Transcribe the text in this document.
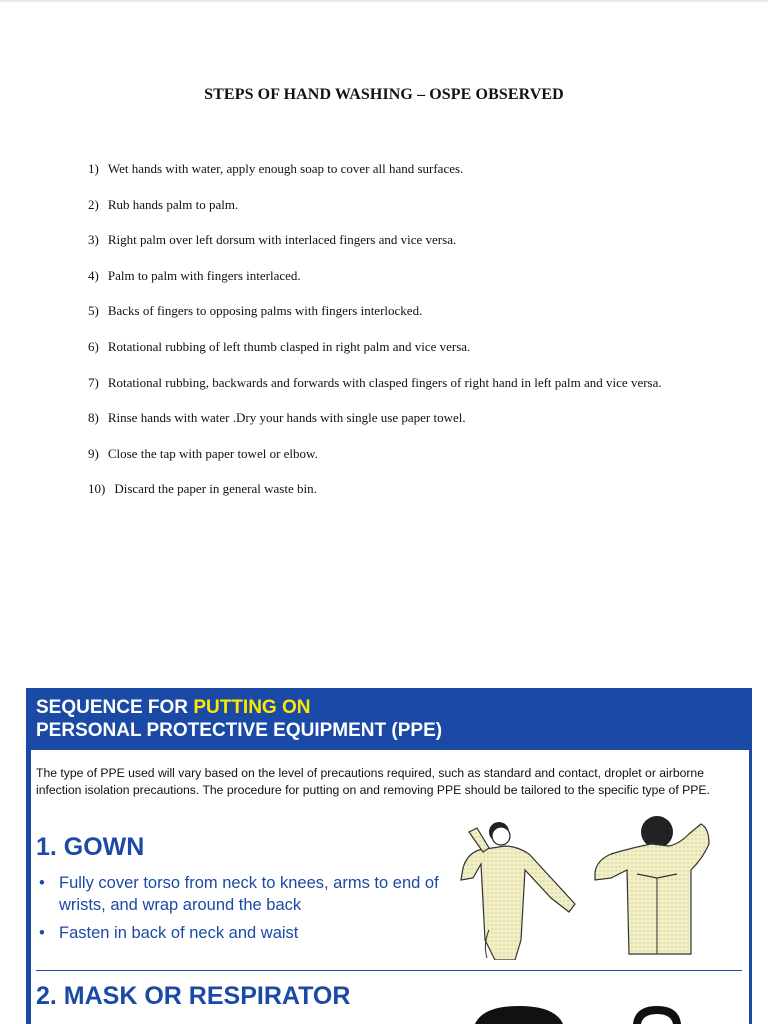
STEPS OF HAND WASHING – OSPE OBSERVED
1) Wet hands with water, apply enough soap to cover all hand surfaces.
2) Rub hands palm to palm.
3) Right palm over left dorsum with interlaced fingers and vice versa.
4) Palm to palm with fingers interlaced.
5) Backs of fingers to opposing palms with fingers interlocked.
6) Rotational rubbing of left thumb clasped in right palm and vice versa.
7) Rotational rubbing, backwards and forwards with clasped fingers of right hand in left palm and vice versa.
8) Rinse hands with water .Dry your hands with single use paper towel.
9) Close the tap with paper towel or elbow.
10) Discard the paper in general waste bin.
SEQUENCE FOR PUTTING ON
PERSONAL PROTECTIVE EQUIPMENT (PPE)
The type of PPE used will vary based on the level of precautions required, such as standard and contact, droplet or airborne infection isolation precautions. The procedure for putting on and removing PPE should be tailored to the specific type of PPE.
1. GOWN
• Fully cover torso from neck to knees, arms to end of wrists, and wrap around the back
• Fasten in back of neck and waist
2. MASK OR RESPIRATOR
